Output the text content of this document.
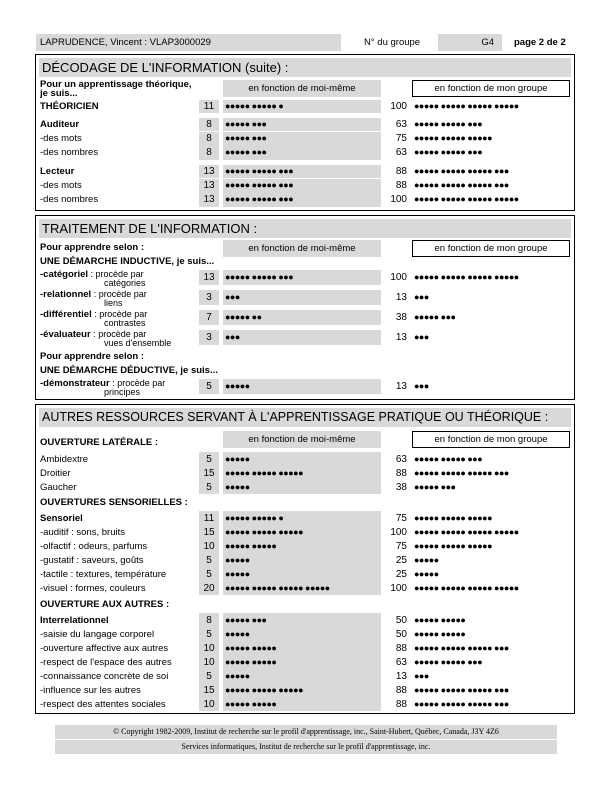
LAPRUDENCE, Vincent : VLAP3000029	N° du groupe	G4	page 2 de 2
DÉCODAGE DE L'INFORMATION (suite) :
Pour un apprentissage théorique,
je suis...	en fonction de moi-même	en fonction de mon groupe
THÉORICIEN	11	●●●●● ●●●●● ●	100 ●●●●● ●●●●● ●●●●● ●●●●●
Auditeur	8	●●●●● ●●●	63 ●●●●● ●●●●● ●●●
-des mots	8	●●●●● ●●●	75 ●●●●● ●●●●● ●●●●●
-des nombres	8	●●●●● ●●●	63 ●●●●● ●●●●● ●●●
Lecteur	13	●●●●● ●●●●● ●●●	88 ●●●●● ●●●●● ●●●●● ●●●
-des mots	13	●●●●● ●●●●● ●●●	88 ●●●●● ●●●●● ●●●●● ●●●
-des nombres	13	●●●●● ●●●●● ●●●	100 ●●●●● ●●●●● ●●●●● ●●●●●
TRAITEMENT DE L'INFORMATION :
Pour apprendre selon :	en fonction de moi-même	en fonction de mon groupe
UNE DÉMARCHE INDUCTIVE, je suis...
-catégoriel : procède par
catégories	13	●●●●● ●●●●● ●●●	100 ●●●●● ●●●●● ●●●●● ●●●●●
-relationnel : procède par
liens	3	●●●	13 ●●●
-différentiel : procède par
contrastes	7	●●●●● ●●	38 ●●●●● ●●●
-évaluateur : procède par
vues d'ensemble	3	●●●	13 ●●●
Pour apprendre selon :
UNE DÉMARCHE DÉDUCTIVE, je suis...
-démonstrateur : procède par
principes	5	●●●●●	13 ●●●
AUTRES RESSOURCES SERVANT À L'APPRENTISSAGE PRATIQUE OU THÉORIQUE :
OUVERTURE LATÉRALE :	en fonction de moi-même	en fonction de mon groupe
Ambidextre	5	●●●●●	63 ●●●●● ●●●●● ●●●
Droitier	15	●●●●● ●●●●● ●●●●●	88 ●●●●● ●●●●● ●●●●● ●●●
Gaucher	5	●●●●●	38 ●●●●● ●●●
OUVERTURES SENSORIELLES :
Sensoriel	11	●●●●● ●●●●● ●	75 ●●●●● ●●●●● ●●●●●
-auditif : sons, bruits	15	●●●●● ●●●●● ●●●●●	100 ●●●●● ●●●●● ●●●●● ●●●●●
-olfactif : odeurs, parfums	10	●●●●● ●●●●●	75 ●●●●● ●●●●● ●●●●●
-gustatif : saveurs, goûts	5	●●●●●	25 ●●●●●
-tactile : textures, température	5	●●●●●	25 ●●●●●
-visuel : formes, couleurs	20	●●●●● ●●●●● ●●●●● ●●●●●	100 ●●●●● ●●●●● ●●●●● ●●●●●
OUVERTURE AUX AUTRES :
Interrelationnel	8	●●●●● ●●●	50 ●●●●● ●●●●●
-saisie du langage corporel	5	●●●●●	50 ●●●●● ●●●●●
-ouverture affective aux autres	10	●●●●● ●●●●●	88 ●●●●● ●●●●● ●●●●● ●●●
-respect de l'espace des autres	10	●●●●● ●●●●●	63 ●●●●● ●●●●● ●●●
-connaissance concrète de soi	5	●●●●●	13 ●●●
-influence sur les autres	15	●●●●● ●●●●● ●●●●●	88 ●●●●● ●●●●● ●●●●● ●●●
-respect des attentes sociales	10	●●●●● ●●●●●	88 ●●●●● ●●●●● ●●●●● ●●●
© Copyright 1982-2009, Institut de recherche sur le profil d'apprentissage, inc., Saint-Hubert, Québec, Canada, J3Y 4Z6
Services informatiques, Institut de recherche sur le profil d'apprentissage, inc.
